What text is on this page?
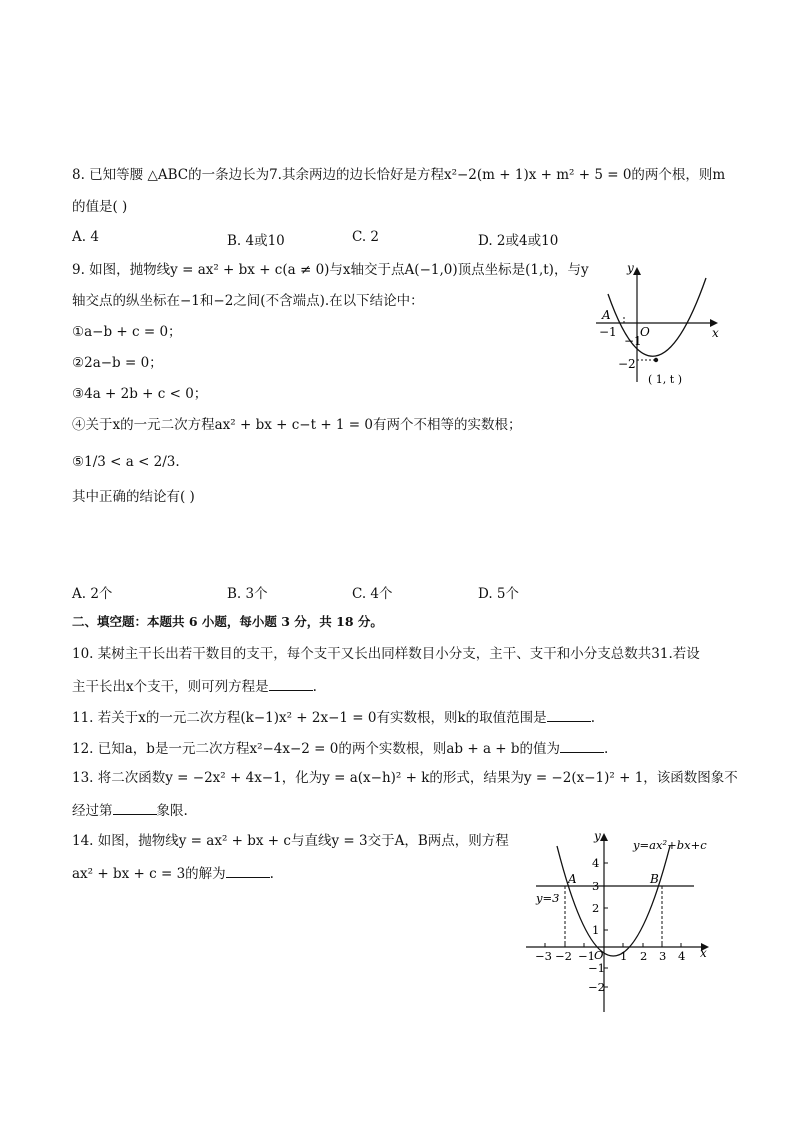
8. 已知等腰 △ABC的一条边长为7.其余两边的边长恰好是方程x²−2(m + 1)x + m² + 5 = 0的两个根，则m
的值是( )
A. 4	B. 4或10	C. 2	D. 2或4或10
9. 如图，抛物线y = ax² + bx + c(a ≠ 0)与x轴交于点A(−1,0)顶点坐标是(1,t)，与y
轴交点的纵坐标在−1和−2之间(不含端点).在以下结论中：
①a−b + c = 0；
②2a−b = 0；
③4a + 2b + c < 0；
④关于x的一元二次方程ax² + bx + c−t + 1 = 0有两个不相等的实数根；
⑤1/3 < a < 2/3.
其中正确的结论有( )
y
x
A
O
−1
−1
−2
( 1, t )
A. 2个	B. 3个	C. 4个	D. 5个
二、填空题：本题共 6 小题，每小题 3 分，共 18 分。
10. 某树主干长出若干数目的支干，每个支干又长出同样数目小分支，主干、支干和小分支总数共31.若设
主干长出x个支干，则可列方程是	.
11. 若关于x的一元二次方程(k−1)x² + 2x−1 = 0有实数根，则k的取值范围是	.
12. 已知a，b是一元二次方程x²−4x−2 = 0的两个实数根，则ab + a + b的值为	.
13. 将二次函数y = −2x² + 4x−1，化为y = a(x−h)² + k的形式，结果为y = −2(x−1)² + 1，该函数图象不
经过第	象限.
14. 如图，抛物线y = ax² + bx + c与直线y = 3交于A，B两点，则方程
ax² + bx + c = 3的解为	.
y
x
y=ax²+bx+c
y=3
A	B
O
−3 −2 −1 1 2 3 4
4
3
2
1
−1
−2
